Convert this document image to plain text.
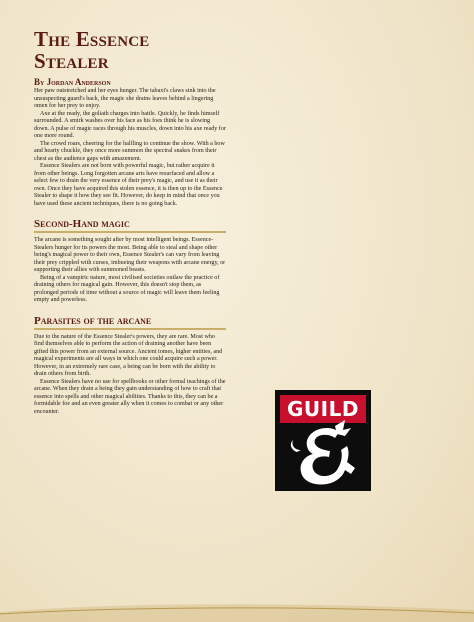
The Essence Stealer
By Jordan Anderson

Her paw outstretched and her eyes hunger. The tabaxi's claws sink into the unsuspecting guard's back, the magic she drains leaves behind a lingering omen for her prey to enjoy.

Axe at the ready, the goliath charges into battle. Quickly, he finds himself surrounded. A smirk washes over his face as his foes think he is slowing down. A pulse of magic races through his muscles, down into his axe ready for one more round.

The crowd roars, cheering for the halfling to continue the show. With a bow and hearty chuckle, they once more summon the spectral snakes from their chest as the audience gaps with amazement.

Essence Stealers are not born with powerful magic, but rather acquire it from other beings. Long forgotten arcane arts have resurfaced and allow a select few to drain the very essence of their prey's magic, and use it as their own. Once they have acquired this stolen essence, it is then up to the Essence Stealer to shape it how they see fit. However, do keep in mind that once you have used these ancient techniques, there is no going back.

Second-Hand magic

The arcane is something sought after by most intelligent beings. Essence-Stealers hunger for its powers the most. Being able to steal and shape other being's magical power to their own, Essence Stealer's can vary from leaving their prey crippled with curses, imbueing their weapons with arcane energy, or supporting their allies with summoned beasts.

Being of a vampiric nature, most civilised societies outlaw the practice of draining others for magical gain. However, this doesn't stop them, as prolonged periods of time without a source of magic will leave them feeling empty and powerless.

Parasites of the arcane

Due to the nature of the Essence Stealer's powers, they are rare. Most who find themselves able to perform the action of draining another have been gifted this power from an external source. Ancient tomes, higher entities, and magical experiments are all ways in which one could acquire such a power. However, in an extremely rare case, a being can be born with the ability to drain others from birth.

Essence Stealers have no use for spellbooks or other formal teachings of the arcane. When they drain a being they gain understanding of how to craft that essence into spells and other magical abilities. Thanks to this, they can be a formidable foe and an even greater ally when it comes to combat or any other encounter.	GUILD
